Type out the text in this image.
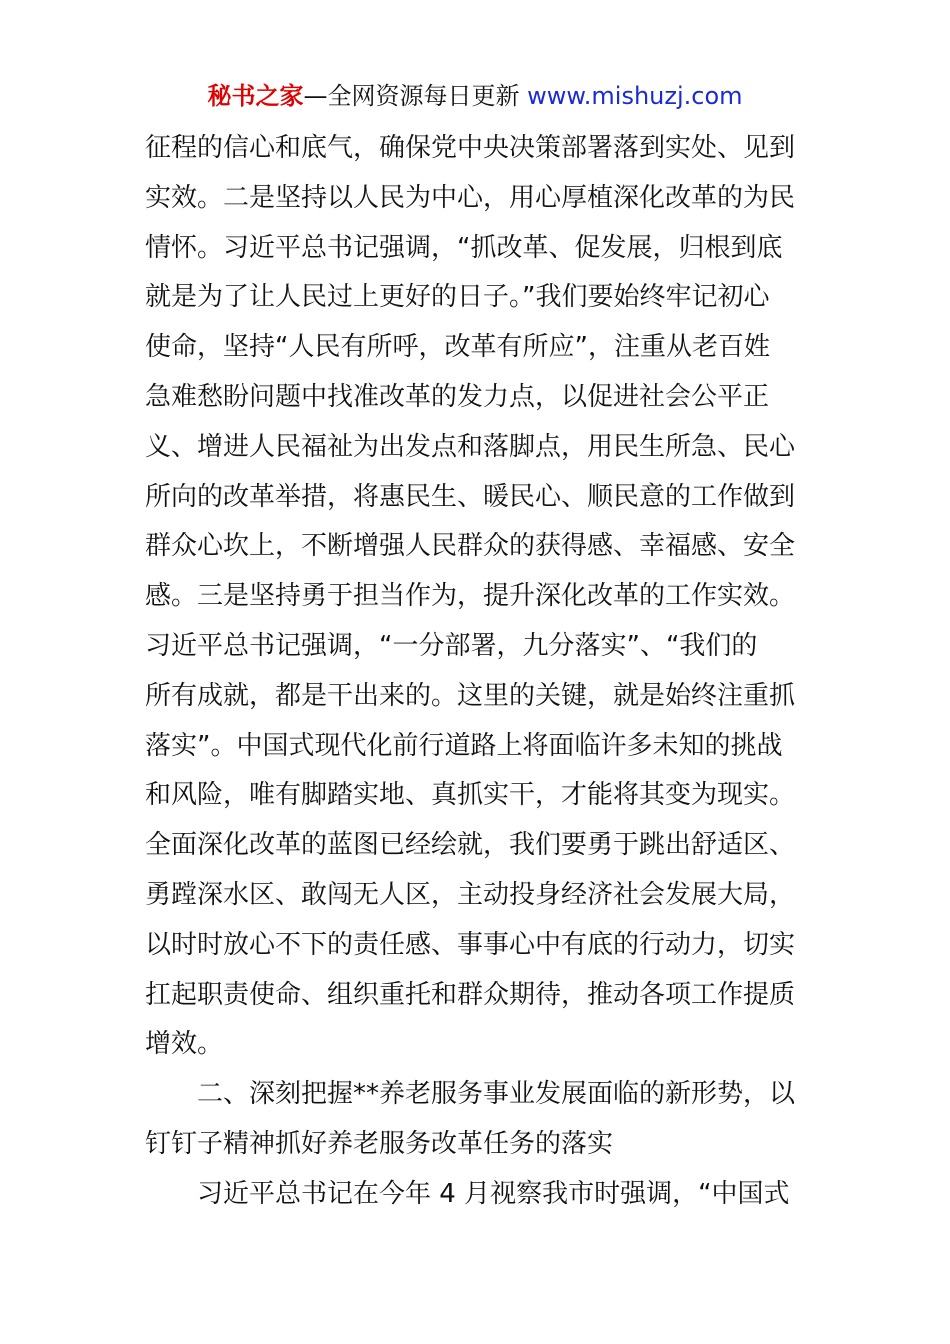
秘书之家—全网资源每日更新 www.mishuzj.com
征程的信心和底气，确保党中央决策部署落到实处、见到
实效。二是坚持以人民为中心，用心厚植深化改革的为民
情怀。习近平总书记强调，“抓改革、促发展，归根到底
就是为了让人民过上更好的日子。”我们要始终牢记初心
使命，坚持“人民有所呼，改革有所应”，注重从老百姓
急难愁盼问题中找准改革的发力点，以促进社会公平正
义、增进人民福祉为出发点和落脚点，用民生所急、民心
所向的改革举措，将惠民生、暖民心、顺民意的工作做到
群众心坎上，不断增强人民群众的获得感、幸福感、安全
感。三是坚持勇于担当作为，提升深化改革的工作实效。
习近平总书记强调，“一分部署，九分落实”、“我们的
所有成就，都是干出来的。这里的关键，就是始终注重抓
落实”。中国式现代化前行道路上将面临许多未知的挑战
和风险，唯有脚踏实地、真抓实干，才能将其变为现实。
全面深化改革的蓝图已经绘就，我们要勇于跳出舒适区、
勇蹚深水区、敢闯无人区，主动投身经济社会发展大局，
以时时放心不下的责任感、事事心中有底的行动力，切实
扛起职责使命、组织重托和群众期待，推动各项工作提质
增效。
二、深刻把握**养老服务事业发展面临的新形势，以
钉钉子精神抓好养老服务改革任务的落实
习近平总书记在今年 4 月视察我市时强调，“中国式
